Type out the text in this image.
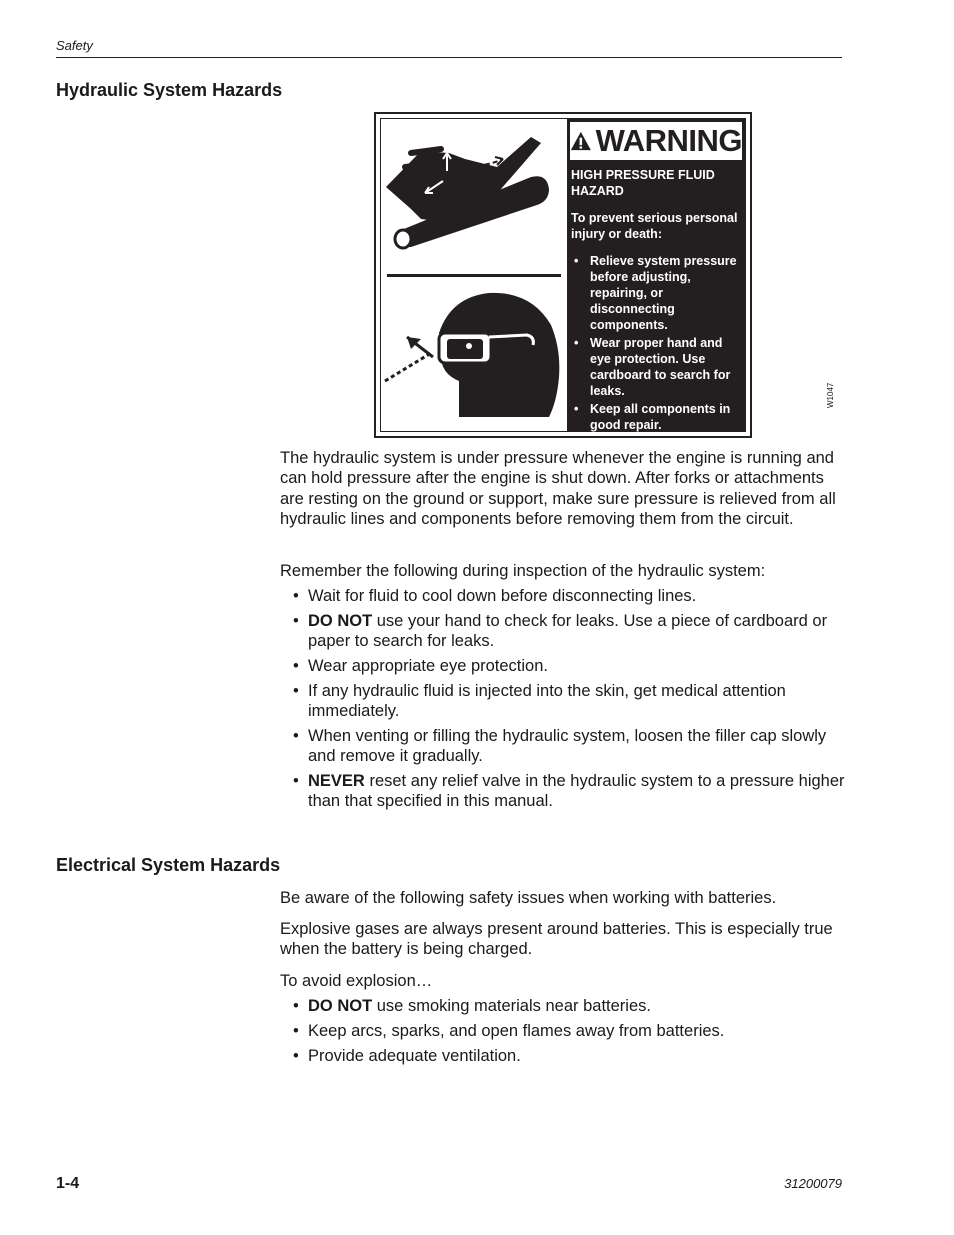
Safety
Hydraulic System Hazards
WARNING

HIGH PRESSURE FLUID HAZARD

To prevent serious personal injury or death:

• Relieve system pressure before adjusting, repairing, or disconnecting components.
• Wear proper hand and eye protection. Use cardboard to search for leaks.
• Keep all components in good repair.
W1047

The hydraulic system is under pressure whenever the engine is running and can hold pressure after the engine is shut down. After forks or attachments are resting on the ground or support, make sure pressure is relieved from all hydraulic lines and components before removing them from the circuit.

Remember the following during inspection of the hydraulic system:

• Wait for fluid to cool down before disconnecting lines.
• DO NOT use your hand to check for leaks. Use a piece of cardboard or paper to search for leaks.
• Wear appropriate eye protection.
• If any hydraulic fluid is injected into the skin, get medical attention immediately.
• When venting or filling the hydraulic system, loosen the filler cap slowly and remove it gradually.
• NEVER reset any relief valve in the hydraulic system to a pressure higher than that specified in this manual.
Electrical System Hazards

Be aware of the following safety issues when working with batteries.

Explosive gases are always present around batteries. This is especially true when the battery is being charged.

To avoid explosion…

• DO NOT use smoking materials near batteries.
• Keep arcs, sparks, and open flames away from batteries.
• Provide adequate ventilation.
1-4	31200079
